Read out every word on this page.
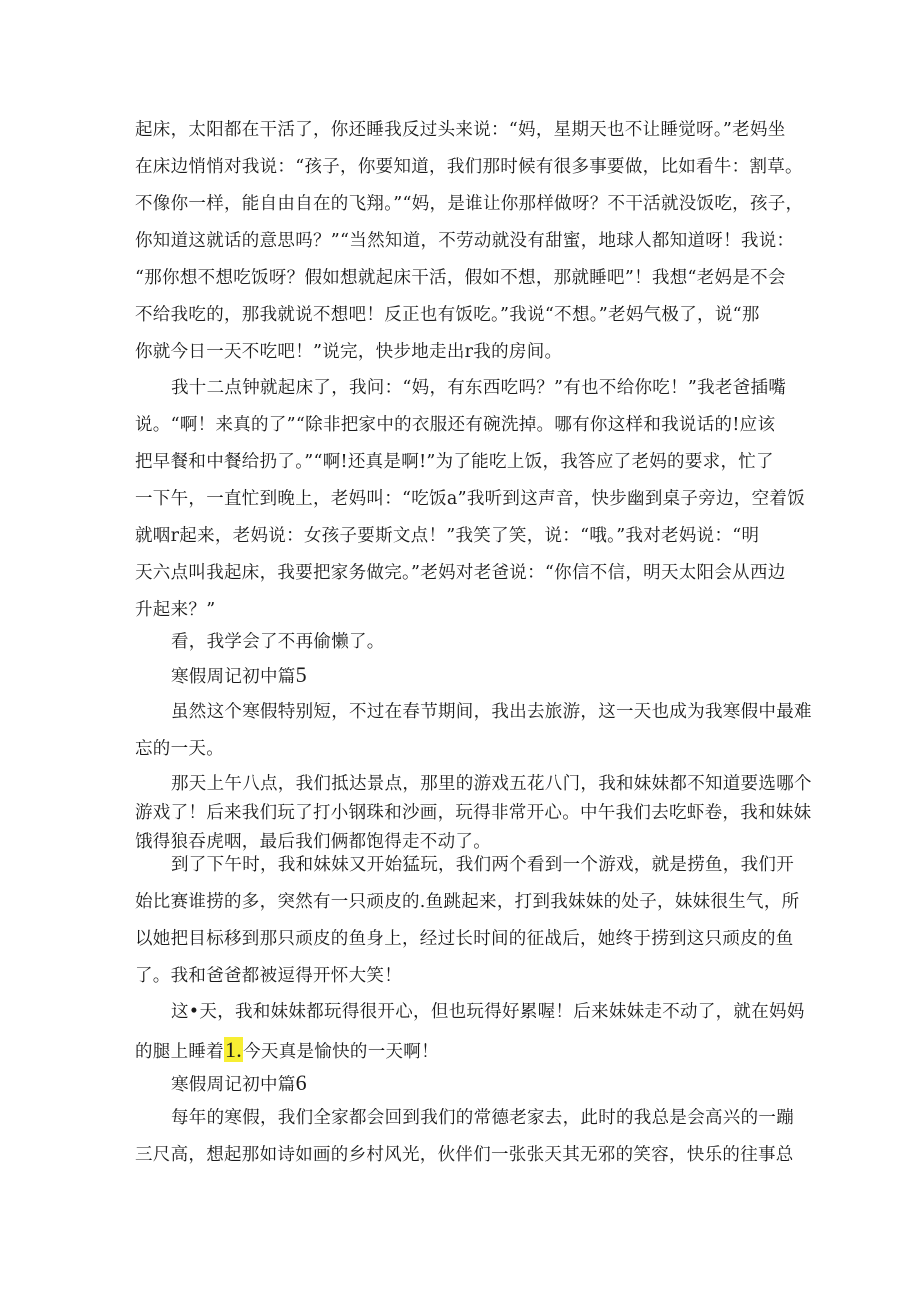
起床，太阳都在干活了，你还睡我反过头来说：“妈，星期天也不让睡觉呀。”老妈坐
在床边悄悄对我说：“孩子，你要知道，我们那时候有很多事要做，比如看牛：割草。
不像你一样，能自由自在的飞翔。”“妈，是谁让你那样做呀？不干活就没饭吃，孩子，
你知道这就话的意思吗？”“当然知道，不劳动就没有甜蜜，地球人都知道呀！我说：
“那你想不想吃饭呀？假如想就起床干活，假如不想，那就睡吧”！我想“老妈是不会
不给我吃的，那我就说不想吧！反正也有饭吃。”我说“不想。”老妈气极了，说“那
你就今日一天不吃吧！”说完，快步地走出r我的房间。
我十二点钟就起床了，我问：“妈，有东西吃吗？”有也不给你吃！”我老爸插嘴
说。“啊！来真的了”“除非把家中的衣服还有碗洗掉。哪有你这样和我说话的!应该
把早餐和中餐给扔了。”“啊!还真是啊!”为了能吃上饭，我答应了老妈的要求，忙了
一下午，一直忙到晚上，老妈叫：“吃饭a”我听到这声音，快步幽到桌子旁边，空着饭
就咽r起来，老妈说：女孩子要斯文点！”我笑了笑，说：“哦。”我对老妈说：“明
天六点叫我起床，我要把家务做完。”老妈对老爸说：“你信不信，明天太阳会从西边
升起来？”
看，我学会了不再偷懒了。
寒假周记初中篇5
虽然这个寒假特别短，不过在春节期间，我出去旅游，这一天也成为我寒假中最难
忘的一天。
那天上午八点，我们抵达景点，那里的游戏五花八门，我和妹妹都不知道要选哪个
游戏了！后来我们玩了打小钢珠和沙画，玩得非常开心。中午我们去吃虾卷，我和妹妹
饿得狼吞虎咽，最后我们俩都饱得走不动了。
到了下午时，我和妹妹又开始猛玩，我们两个看到一个游戏，就是捞鱼，我们开
始比赛谁捞的多，突然有一只顽皮的.鱼跳起来，打到我妹妹的处子，妹妹很生气，所
以她把目标移到那只顽皮的鱼身上，经过长时间的征战后，她终于捞到这只顽皮的鱼
了。我和爸爸都被逗得开怀大笑！
这•天，我和妹妹都玩得很开心，但也玩得好累喔！后来妹妹走不动了，就在妈妈
的腿上睡着1.今天真是愉快的一天啊！
寒假周记初中篇6
每年的寒假，我们全家都会回到我们的常德老家去，此时的我总是会高兴的一蹦
三尺高，想起那如诗如画的乡村风光，伙伴们一张张天其无邪的笑容，快乐的往事总
